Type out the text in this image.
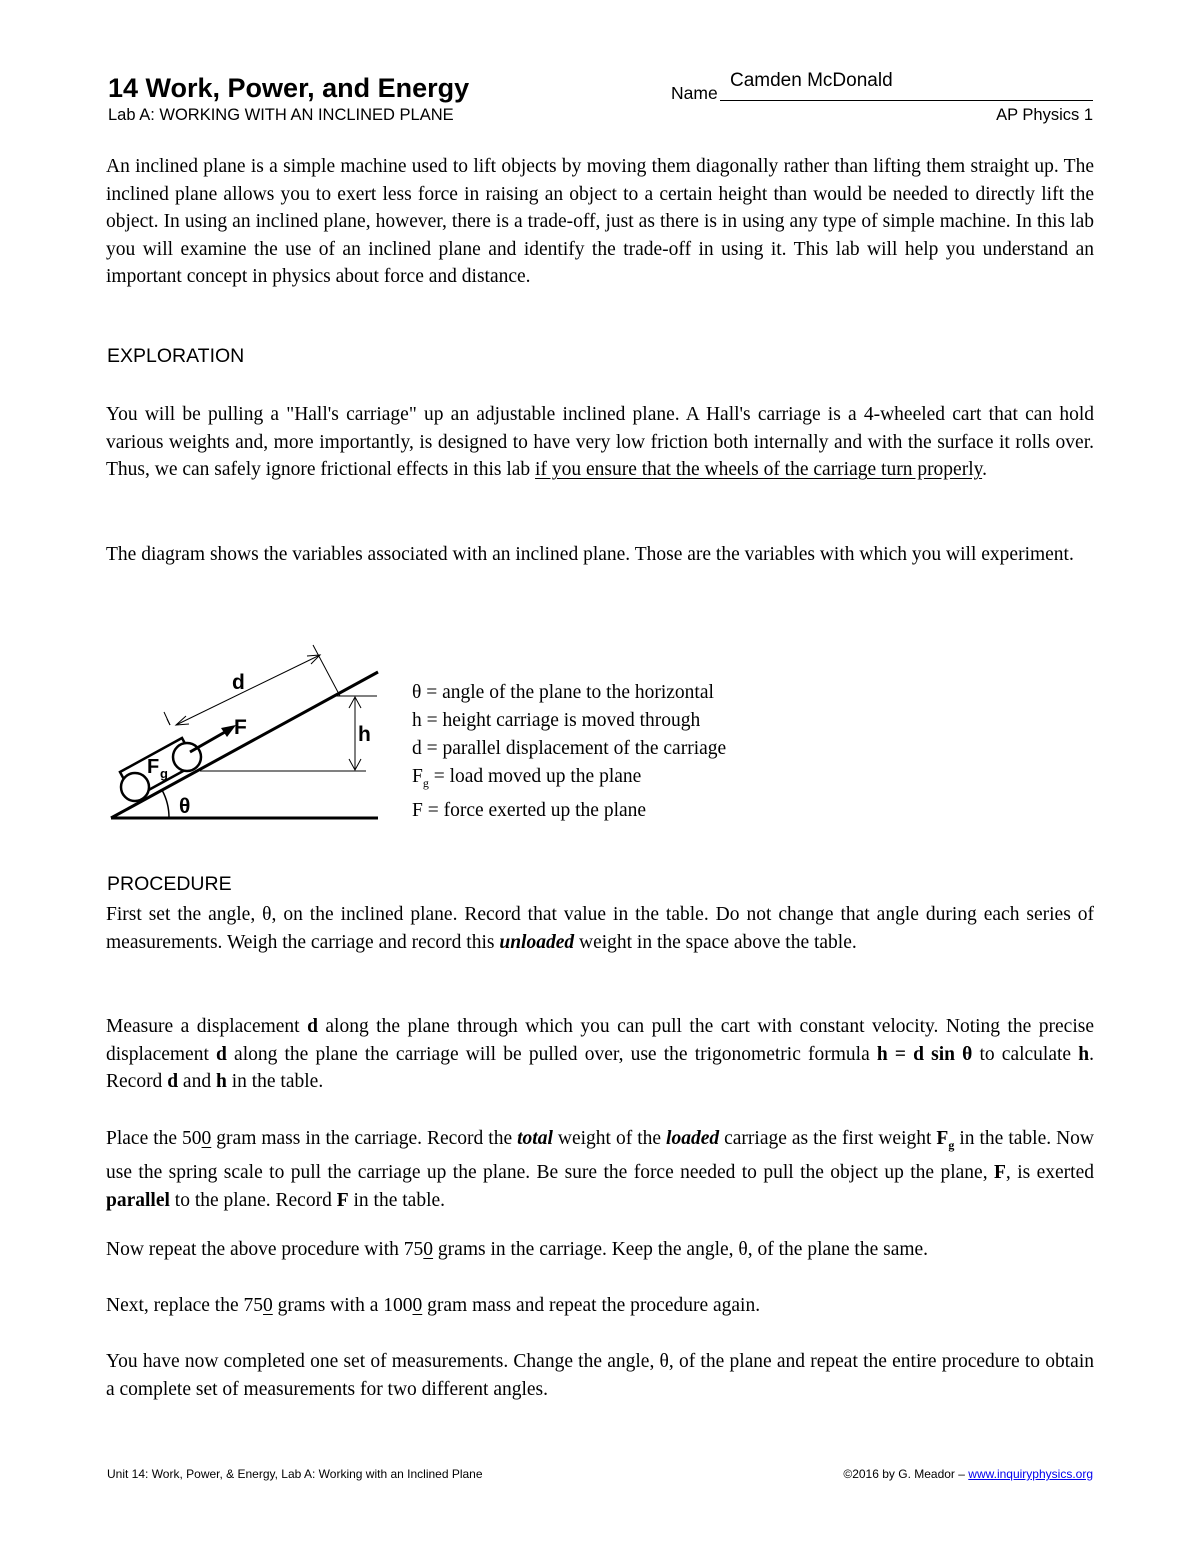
14 Work, Power, and Energy
Lab A: WORKING WITH AN INCLINED PLANE
Name
Camden McDonald
AP Physics 1
An inclined plane is a simple machine used to lift objects by moving them diagonally rather than lifting them straight up. The inclined plane allows you to exert less force in raising an object to a certain height than would be needed to directly lift the object. In using an inclined plane, however, there is a trade-off, just as there is in using any type of simple machine. In this lab you will examine the use of an inclined plane and identify the trade-off in using it. This lab will help you understand an important concept in physics about force and distance.
EXPLORATION
You will be pulling a "Hall's carriage" up an adjustable inclined plane. A Hall's carriage is a 4-wheeled cart that can hold various weights and, more importantly, is designed to have very low friction both internally and with the surface it rolls over. Thus, we can safely ignore frictional effects in this lab if you ensure that the wheels of the carriage turn properly.
The diagram shows the variables associated with an inclined plane. Those are the variables with which you will experiment.
d
h
F
F g
θ
θ = angle of the plane to the horizontal
h = height carriage is moved through
d = parallel displacement of the carriage
$F_g$ = load moved up the plane
F = force exerted up the plane
PROCEDURE
First set the angle, θ, on the inclined plane. Record that value in the table. Do not change that angle during each series of measurements. Weigh the carriage and record this unloaded weight in the space above the table.
Measure a displacement d along the plane through which you can pull the cart with constant velocity. Noting the precise displacement d along the plane the carriage will be pulled over, use the trigonometric formula h = d sin θ to calculate h. Record d and h in the table.
Place the 500 gram mass in the carriage. Record the total weight of the loaded carriage as the first weight $F_g$ in the table. Now use the spring scale to pull the carriage up the plane. Be sure the force needed to pull the object up the plane, F, is exerted parallel to the plane. Record F in the table.
Now repeat the above procedure with 750 grams in the carriage. Keep the angle, θ, of the plane the same.
Next, replace the 750 grams with a 1000 gram mass and repeat the procedure again.
You have now completed one set of measurements. Change the angle, θ, of the plane and repeat the entire procedure to obtain a complete set of measurements for two different angles.
Unit 14: Work, Power, & Energy, Lab A: Working with an Inclined Plane	©2016 by G. Meador – www.inquiryphysics.org
